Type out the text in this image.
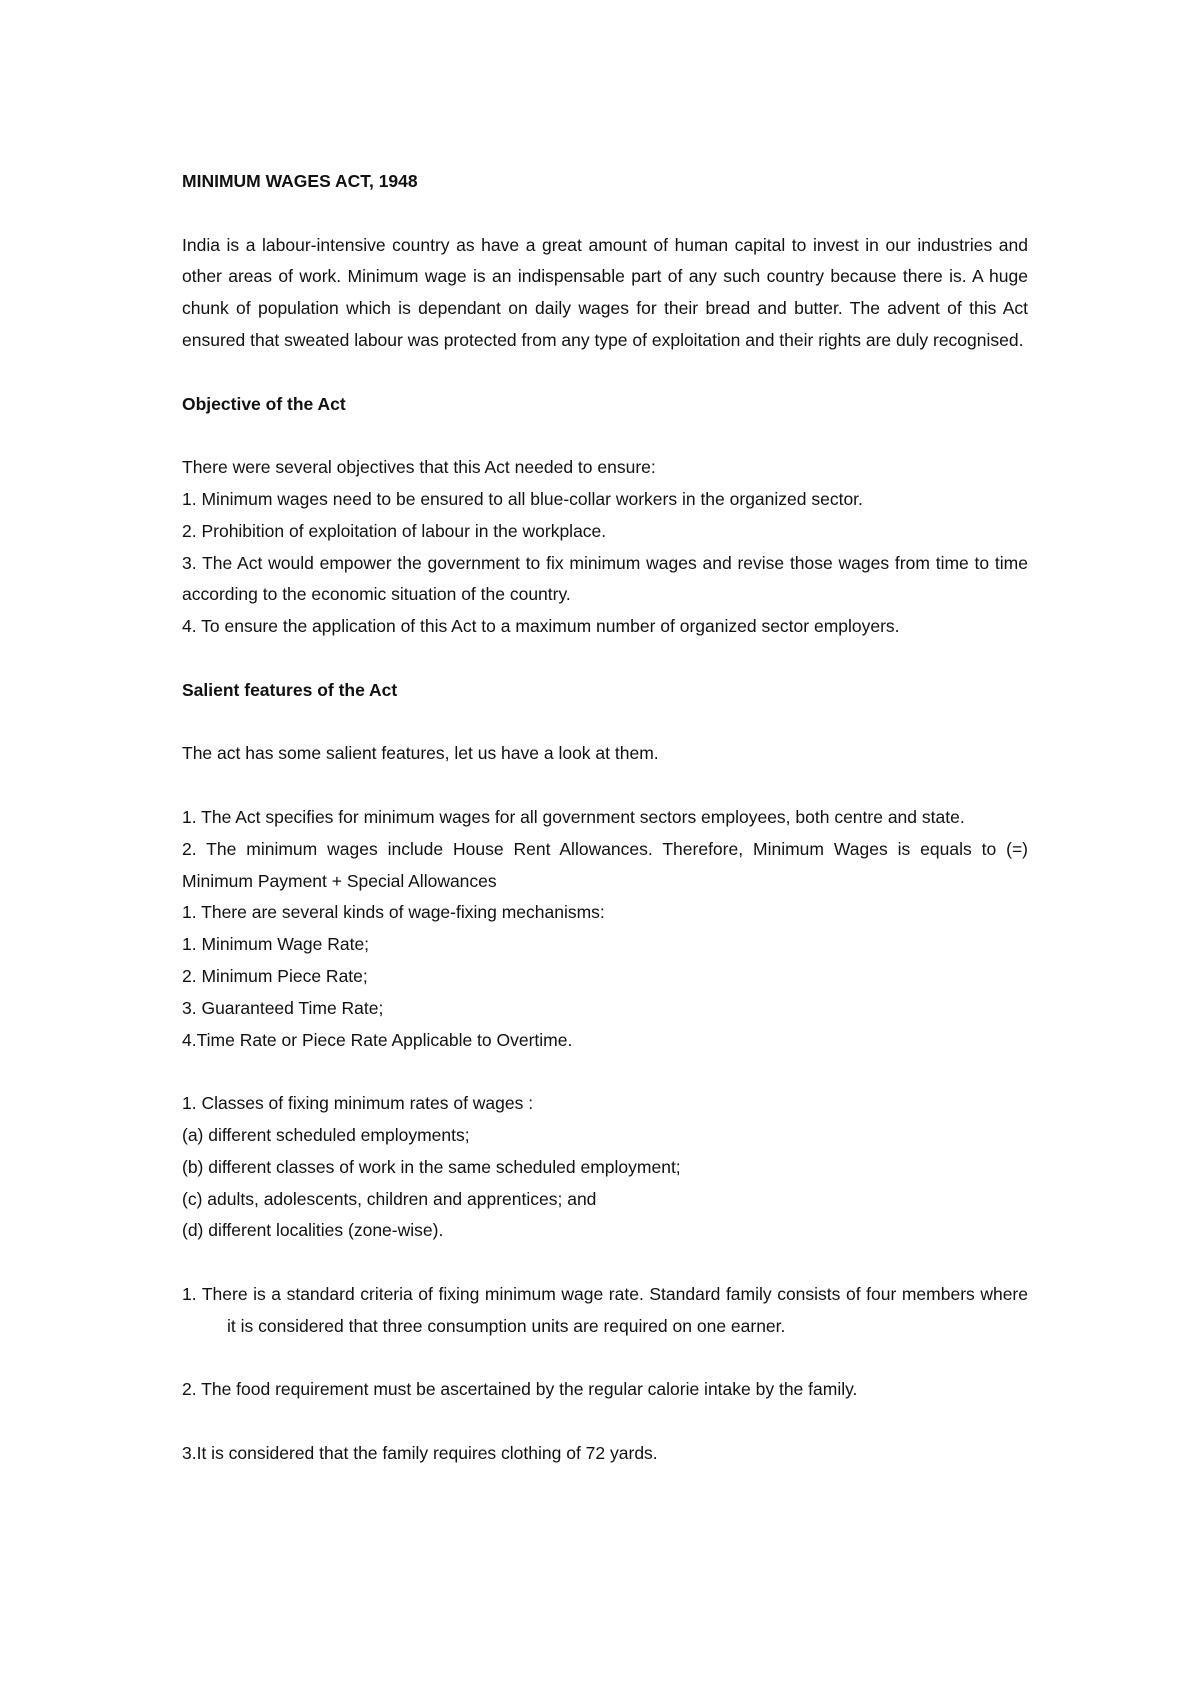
MINIMUM WAGES ACT, 1948

India is a labour-intensive country as have a great amount of human capital to invest in our industries and other areas of work. Minimum wage is an indispensable part of any such country because there is. A huge chunk of population which is dependant on daily wages for their bread and butter. The advent of this Act ensured that sweated labour was protected from any type of exploitation and their rights are duly recognised.

Objective of the Act

There were several objectives that this Act needed to ensure:

1. Minimum wages need to be ensured to all blue-collar workers in the organized sector.

2. Prohibition of exploitation of labour in the workplace.

3. The Act would empower the government to fix minimum wages and revise those wages from time to time according to the economic situation of the country.

4. To ensure the application of this Act to a maximum number of organized sector employers.

Salient features of the Act

The act has some salient features, let us have a look at them.

1. The Act specifies for minimum wages for all government sectors employees, both centre and state.

2. The minimum wages include House Rent Allowances. Therefore, Minimum Wages is equals to (=) Minimum Payment + Special Allowances

1. There are several kinds of wage-fixing mechanisms:

1. Minimum Wage Rate;

2. Minimum Piece Rate;

3. Guaranteed Time Rate;

4.Time Rate or Piece Rate Applicable to Overtime.

1. Classes of fixing minimum rates of wages :

(a) different scheduled employments;

(b) different classes of work in the same scheduled employment;

(c) adults, adolescents, children and apprentices; and

(d) different localities (zone-wise).

1. There is a standard criteria of fixing minimum wage rate. Standard family consists of four members where it is considered that three consumption units are required on one earner.

2. The food requirement must be ascertained by the regular calorie intake by the family.

3.It is considered that the family requires clothing of 72 yards.
